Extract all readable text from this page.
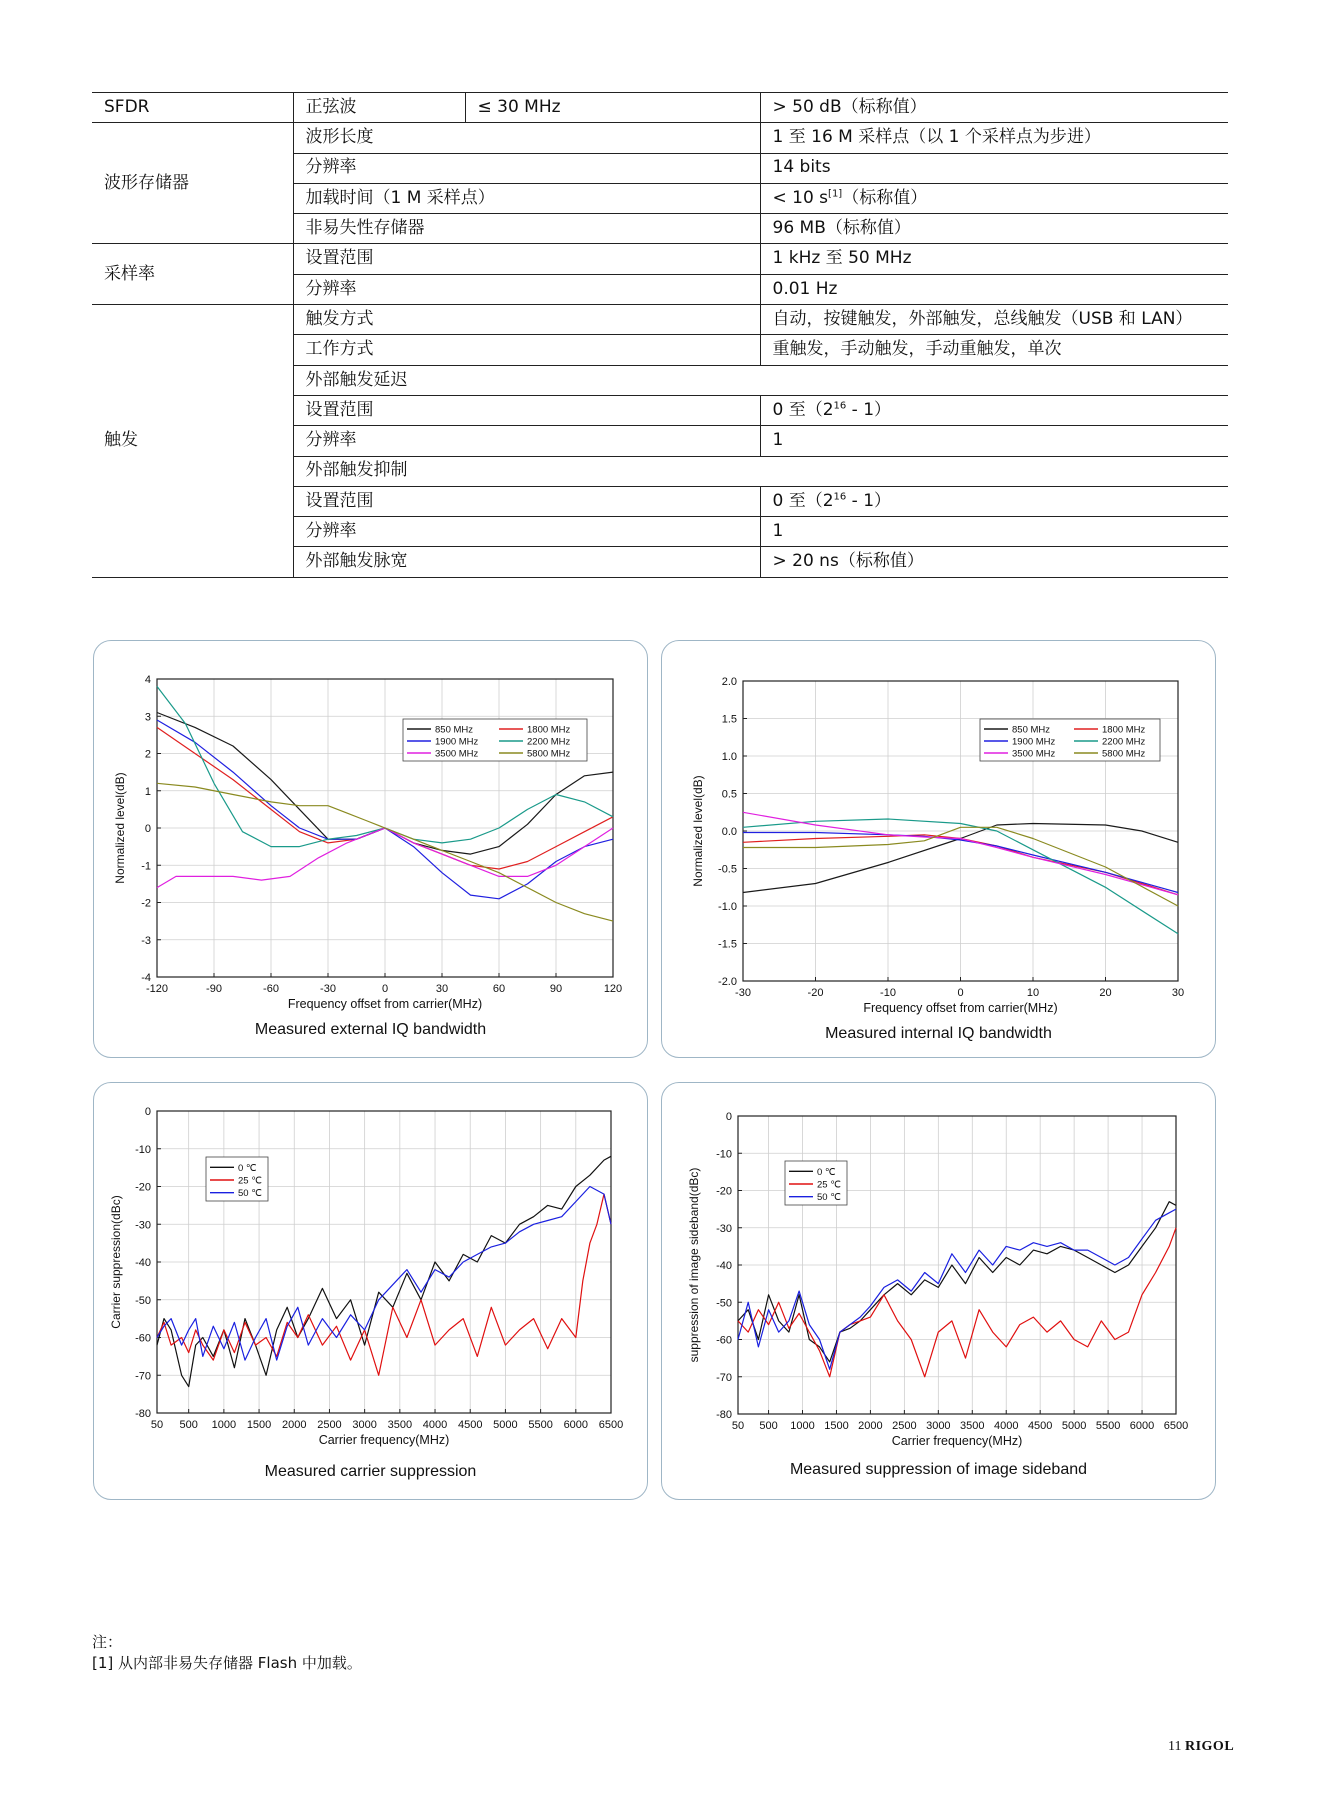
SFDR	正弦波	≤ 30 MHz	> 50 dB（标称值）
波形存储器	波形长度		1 至 16 M 采样点（以 1 个采样点为步进）
	分辨率		14 bits
	加载时间（1 M 采样点）		< 10 s[1]（标称值）
	非易失性存储器		96 MB（标称值）
采样率	设置范围		1 kHz 至 50 MHz
	分辨率		0.01 Hz
触发	触发方式		自动，按键触发，外部触发，总线触发（USB 和 LAN）
	工作方式		重触发，手动触发，手动重触发，单次
	外部触发延迟		
	设置范围		0 至$(2^{16} - 1)$
	分辨率		1
	外部触发抑制		
	设置范围		0 至$(2^{16} - 1)$
	分辨率		1
	外部触发脉宽		> 20 ns（标称值）
-120	-90	-60	-30	0	30	60	90	120
-4
-3
-2
-1
0
1
2
3
4
Frequency offset from carrier(MHz)
Normalized level(dB)
850 MHz	1800 MHz
1900 MHz	2200 MHz
3500 MHz	5800 MHz
Measured external IQ bandwidth
-30	-20	-10	0	10	20	30
-2.0
-1.5
-1.0
-0.5
0.0
0.5
1.0
1.5
2.0
Frequency offset from carrier(MHz)
Normalized level(dB)
850 MHz	1800 MHz
1900 MHz	2200 MHz
3500 MHz	5800 MHz
Measured internal IQ bandwidth
50 500 1000 1500 2000 2500 3000 3500 4000 4500 5000 5500 6000 6500
-80
-70
-60
-50
-40
-30
-20
-10
0
Carrier frequency(MHz)
Carrier suppression(dBc)
0 ℃
25 ℃
50 ℃
Measured carrier suppression
50 500 1000 1500 2000 2500 3000 3500 4000 4500 5000 5500 6000 6500
-80
-70
-60
-50
-40
-30
-20
-10
0
Carrier frequency(MHz)
suppression of image sideband(dBc)	0 ℃
25 ℃
50 ℃
Measured suppression of image sideband
注：
[1] 从内部非易失存储器 Flash 中加载。
11 RIGOL
